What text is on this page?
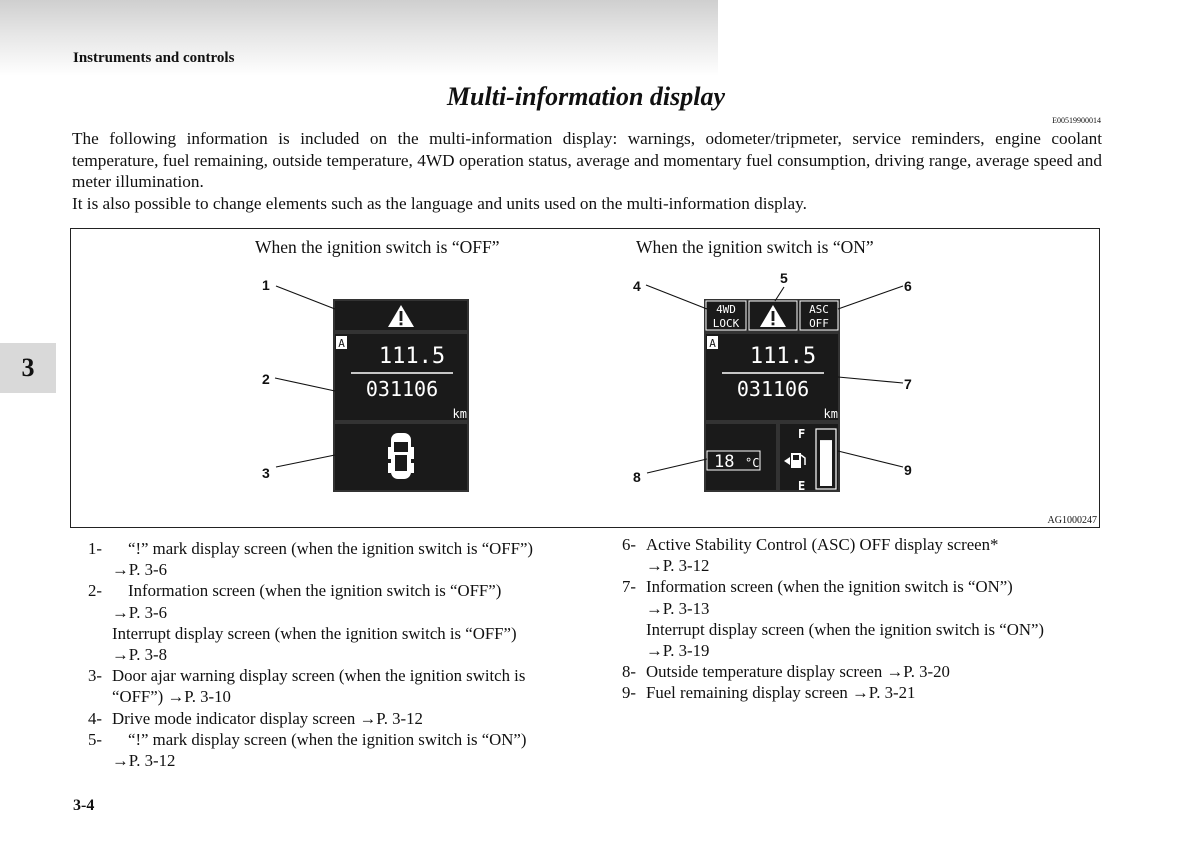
Instruments and controls
Multi-information display
E00519900014

The following information is included on the multi-information display: warnings, odometer/tripmeter, service reminders, engine coolant temperature, fuel remaining, outside temperature, 4WD operation status, average and momentary fuel consumption, driving range, average speed and meter illumination.

It is also possible to change elements such as the language and units used on the multi-information display.

3
When the ignition switch is “OFF”	When the ignition switch is “ON”
A
111.5
031106
km
4WD
LOCK
ASC
OFF
A
111.5
031106
km
18 °C
F
E
1
2
3
4	5	6
7
8	9
AG1000247
1- “!” mark display screen (when the ignition switch is “OFF”)
→P. 3-6
2- Information screen (when the ignition switch is “OFF”)
→P. 3-6
Interrupt display screen (when the ignition switch is “OFF”)
→P. 3-8
3- Door ajar warning display screen (when the ignition switch is “OFF”) →P. 3-10
4- Drive mode indicator display screen →P. 3-12
5- “!” mark display screen (when the ignition switch is “ON”)
→P. 3-12
6- Active Stability Control (ASC) OFF display screen*
→P. 3-12
7- Information screen (when the ignition switch is “ON”)
→P. 3-13
Interrupt display screen (when the ignition switch is “ON”)
→P. 3-19
8- Outside temperature display screen →P. 3-20
9- Fuel remaining display screen →P. 3-21
3-4
